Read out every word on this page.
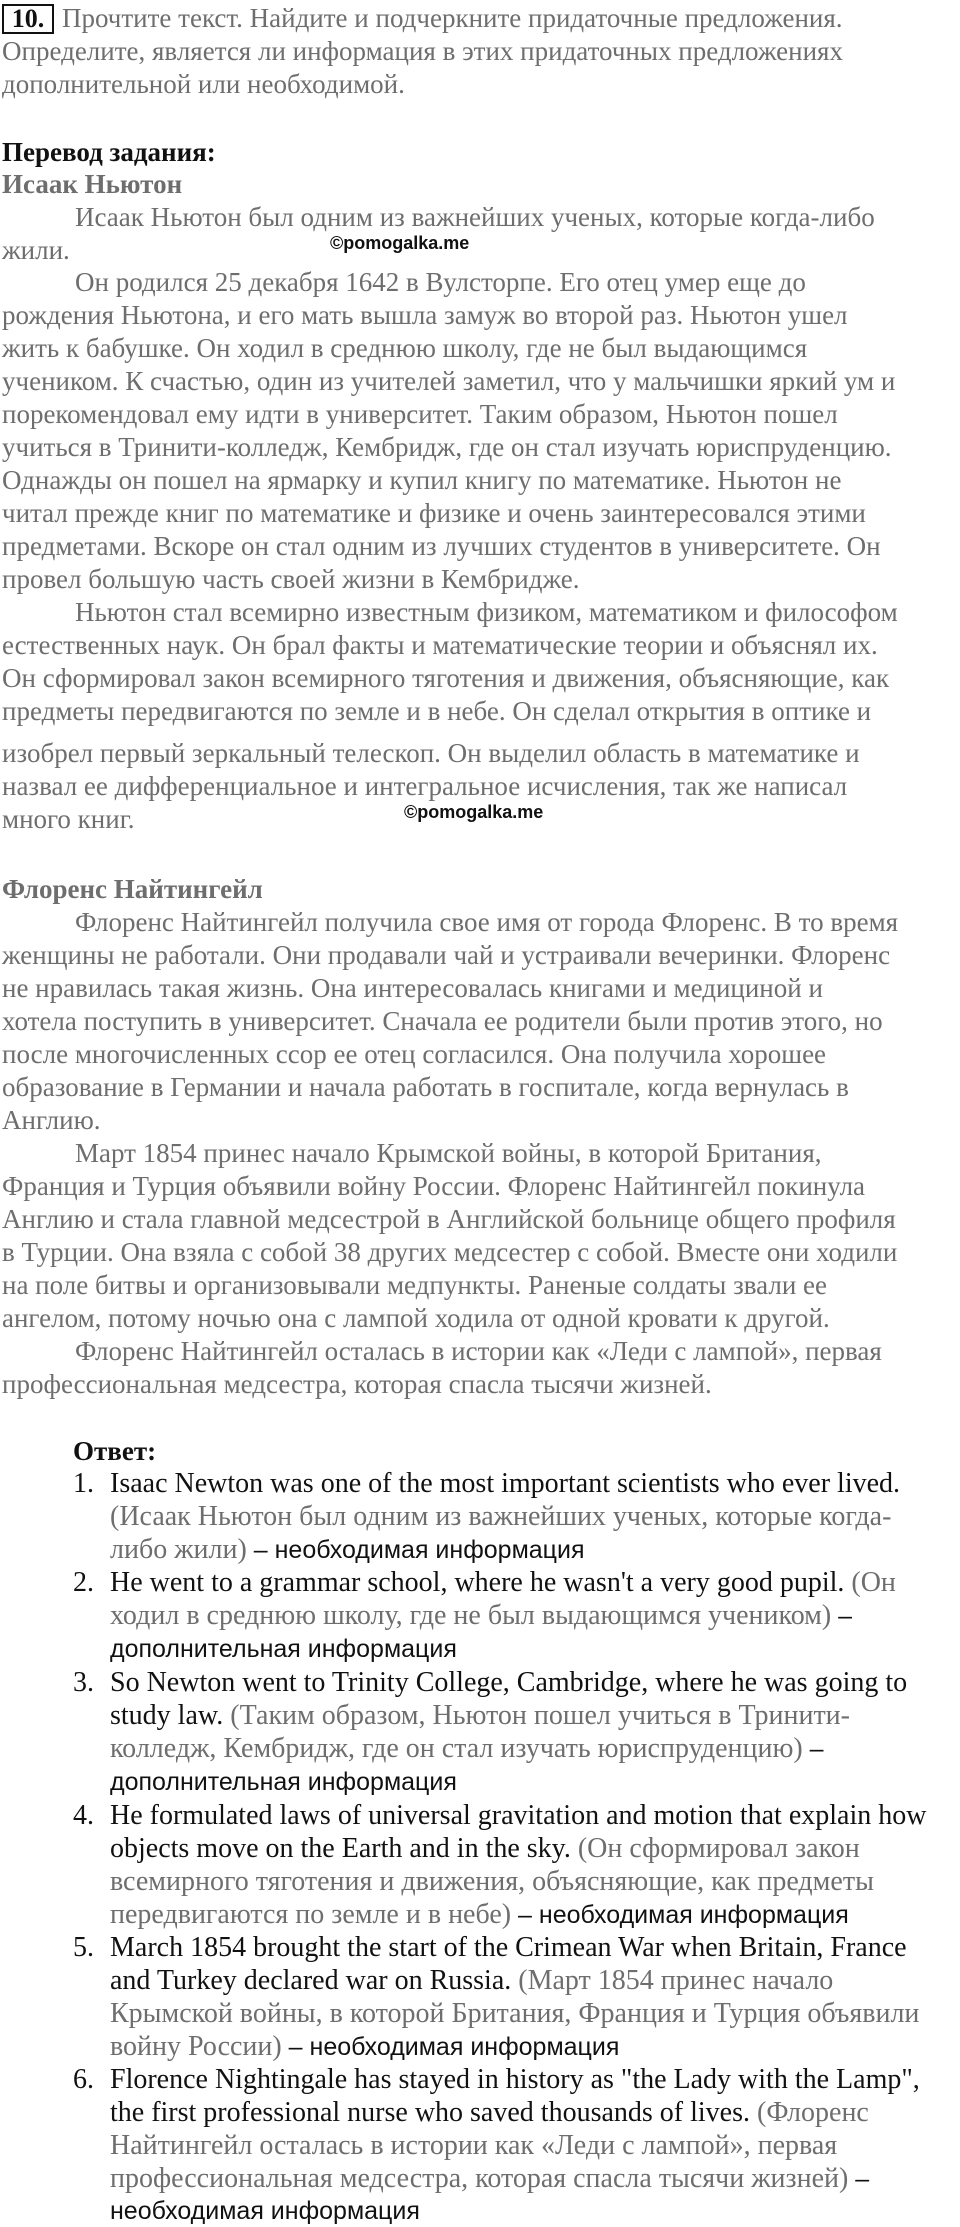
10. Прочтите текст. Найдите и подчеркните придаточные предложения.
Определите, является ли информация в этих придаточных предложениях
дополнительной или необходимой.
Перевод задания:
Исаак Ньютон
Исаак Ньютон был одним из важнейших ученых, которые когда-либо
жили.	©pomogalka.me
Он родился 25 декабря 1642 в Вулсторпе. Его отец умер еще до
рождения Ньютона, и его мать вышла замуж во второй раз. Ньютон ушел
жить к бабушке. Он ходил в среднюю школу, где не был выдающимся
учеником. К счастью, один из учителей заметил, что у мальчишки яркий ум и
порекомендовал ему идти в университет. Таким образом, Ньютон пошел
учиться в Тринити-колледж, Кембридж, где он стал изучать юриспруденцию.
Однажды он пошел на ярмарку и купил книгу по математике. Ньютон не
читал прежде книг по математике и физике и очень заинтересовался этими
предметами. Вскоре он стал одним из лучших студентов в университете. Он
провел большую часть своей жизни в Кембридже.
Ньютон стал всемирно известным физиком, математиком и философом
естественных наук. Он брал факты и математические теории и объяснял их.
Он сформировал закон всемирного тяготения и движения, объясняющие, как
предметы передвигаются по земле и в небе. Он сделал открытия в оптике и
изобрел первый зеркальный телескоп. Он выделил область в математике и
назвал ее дифференциальное и интегральное исчисления, так же написал
много книг.	©pomogalka.me
Флоренс Найтингейл
Флоренс Найтингейл получила свое имя от города Флоренс. В то время
женщины не работали. Они продавали чай и устраивали вечеринки. Флоренс
не нравилась такая жизнь. Она интересовалась книгами и медициной и
хотела поступить в университет. Сначала ее родители были против этого, но
после многочисленных ссор ее отец согласился. Она получила хорошее
образование в Германии и начала работать в госпитале, когда вернулась в
Англию.
Март 1854 принес начало Крымской войны, в которой Британия,
Франция и Турция объявили войну России. Флоренс Найтингейл покинула
Англию и стала главной медсестрой в Английской больнице общего профиля
в Турции. Она взяла с собой 38 других медсестер с собой. Вместе они ходили
на поле битвы и организовывали медпункты. Раненые солдаты звали ее
ангелом, потому ночью она с лампой ходила от одной кровати к другой.
Флоренс Найтингейл осталась в истории как «Леди с лампой», первая
профессиональная медсестра, которая спасла тысячи жизней.
Ответ:
1. Isaac Newton was one of the most important scientists who ever lived.
(Исаак Ньютон был одним из важнейших ученых, которые когда-
либо жили) – необходимая информация
2. He went to a grammar school, where he wasn't a very good pupil. (Он
ходил в среднюю школу, где не был выдающимся учеником) –
дополнительная информация
3. So Newton went to Trinity College, Cambridge, where he was going to
study law. (Таким образом, Ньютон пошел учиться в Тринити-
колледж, Кембридж, где он стал изучать юриспруденцию) –
дополнительная информация
4. He formulated laws of universal gravitation and motion that explain how
objects move on the Earth and in the sky. (Он сформировал закон
всемирного тяготения и движения, объясняющие, как предметы
передвигаются по земле и в небе) – необходимая информация
5. March 1854 brought the start of the Crimean War when Britain, France
and Turkey declared war on Russia. (Март 1854 принес начало
Крымской войны, в которой Британия, Франция и Турция объявили
войну России) – необходимая информация
6. Florence Nightingale has stayed in history as "the Lady with the Lamp",
the first professional nurse who saved thousands of lives. (Флоренс
Найтингейл осталась в истории как «Леди с лампой», первая
профессиональная медсестра, которая спасла тысячи жизней) –
необходимая информация
